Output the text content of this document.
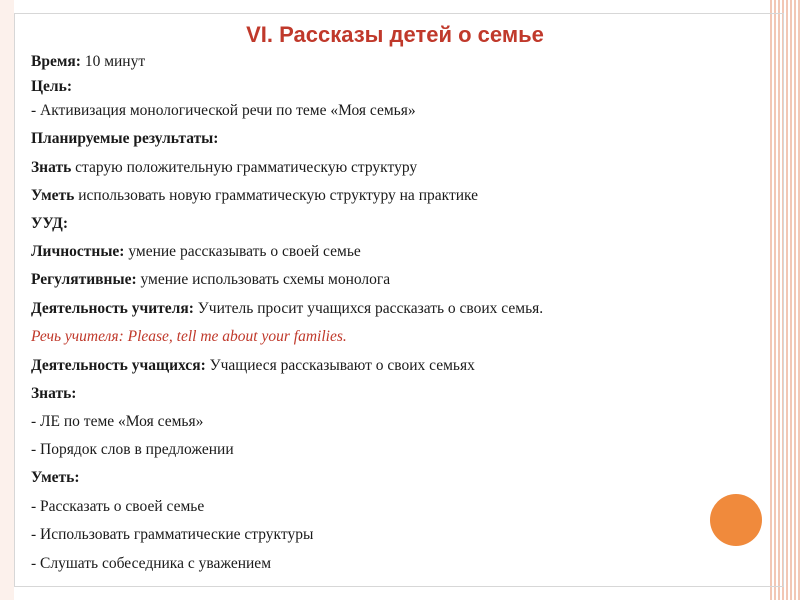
VI. Рассказы детей о семье
Время: 10 минут
Цель:
- Активизация монологической речи по теме «Моя семья»
Планируемые результаты:
Знать старую положительную грамматическую структуру
Уметь использовать новую грамматическую структуру на практике
УУД:
Личностные: умение рассказывать о своей семье
Регулятивные: умение использовать схемы монолога
Деятельность учителя: Учитель просит учащихся рассказать о своих семья.
Речь учителя: Please, tell me about your families.
Деятельность учащихся: Учащиеся рассказывают о своих семьях
Знать:
- ЛЕ по теме «Моя семья»
- Порядок слов в предложении
Уметь:
- Рассказать о своей семье
- Использовать грамматические структуры
- Слушать собеседника с уважением
